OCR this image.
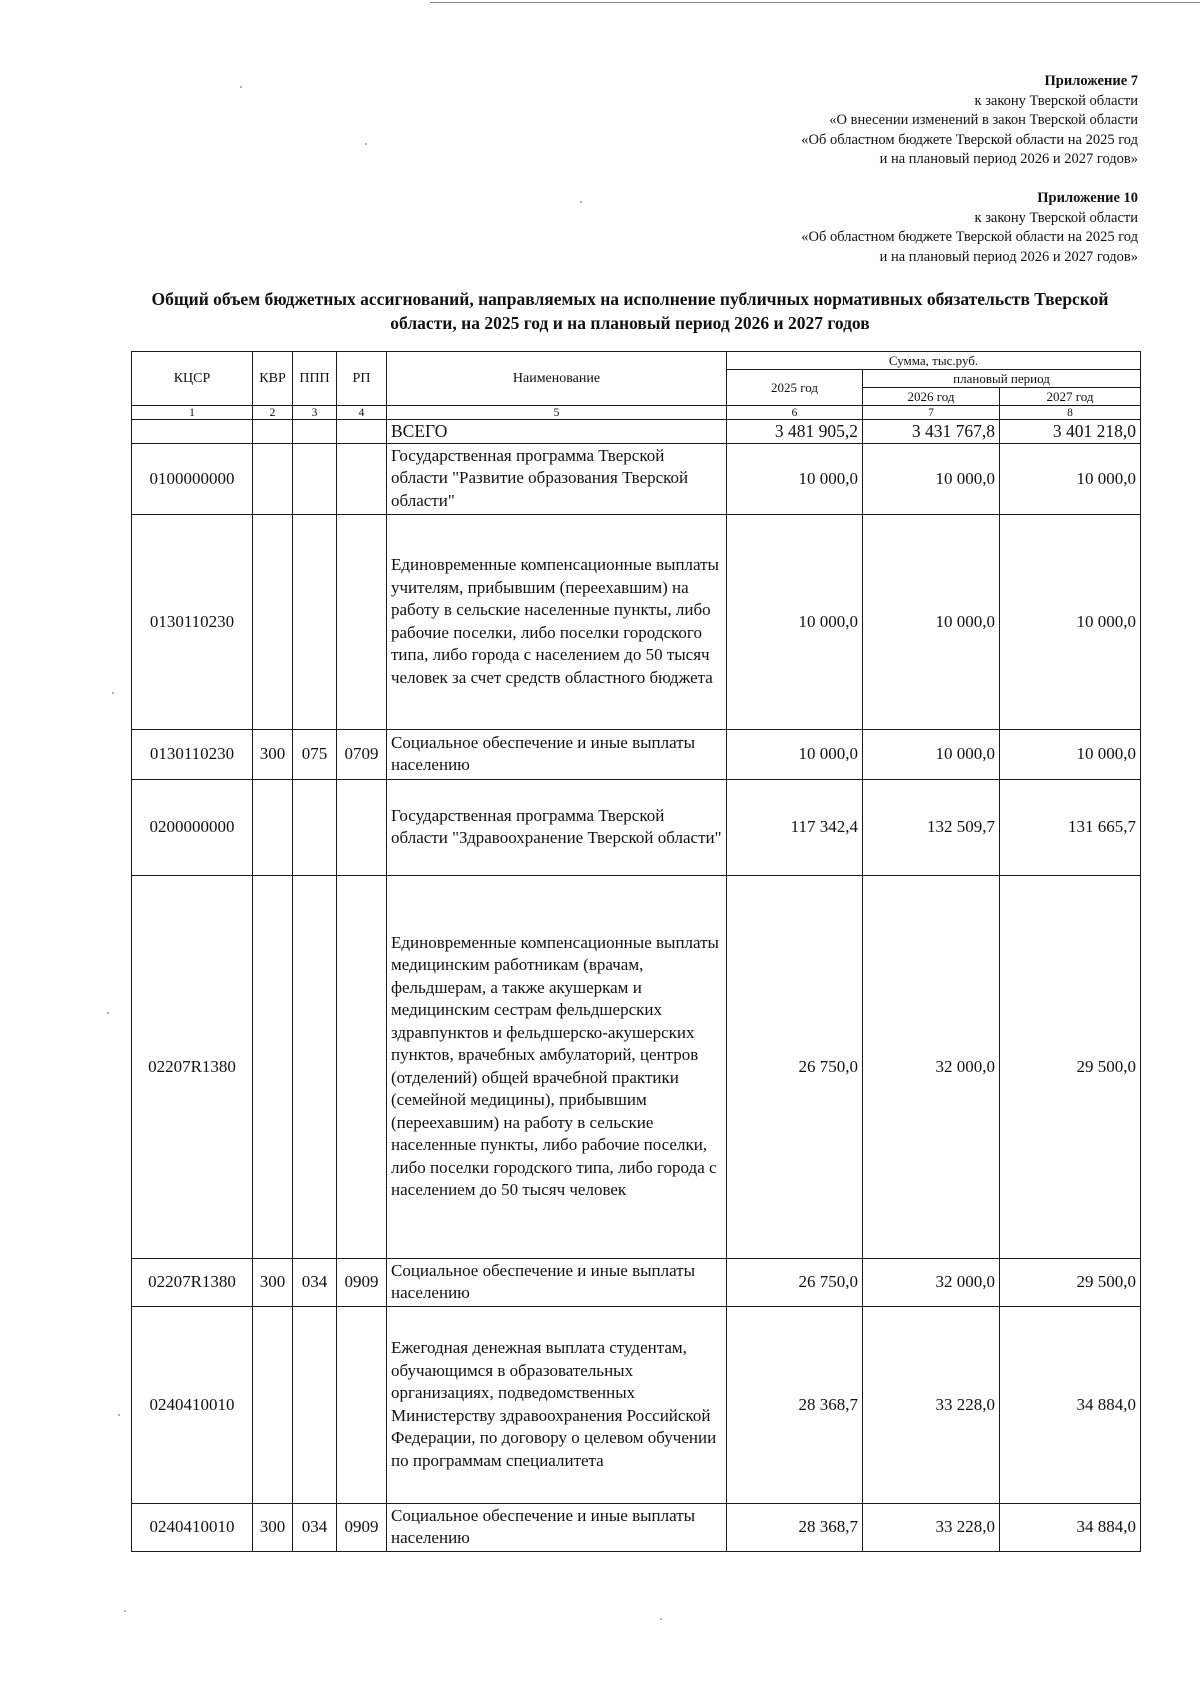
Приложение 7
к закону Тверской области
«О внесении изменений в закон Тверской области
«Об областном бюджете Тверской области на 2025 год
и на плановый период 2026 и 2027 годов»
Приложение 10
к закону Тверской области
«Об областном бюджете Тверской области на 2025 год
и на плановый период 2026 и 2027 годов»
Общий объем бюджетных ассигнований, направляемых на исполнение публичных нормативных обязательств Тверской
области, на 2025 год и на плановый период 2026 и 2027 годов
КЦСР	КВР	ППП	РП	Наименование	Сумма, тыс.руб.		
					2025 год	плановый период	
						2026 год	2027 год
1	2	3	4	5	6	7	8
				ВСЕГО	3 481 905,2	3 431 767,8	3 401 218,0
0100000000				Государственная программа Тверской области "Развитие образования Тверской области"	10 000,0	10 000,0	10 000,0
0130110230				Единовременные компенсационные выплаты учителям, прибывшим (переехавшим) на работу в сельские населенные пункты, либо рабочие поселки, либо поселки городского типа, либо города с населением до 50 тысяч человек за счет средств областного бюджета	10 000,0	10 000,0	10 000,0
0130110230	300	075	0709	Социальное обеспечение и иные выплаты населению	10 000,0	10 000,0	10 000,0
0200000000				Государственная программа Тверской области "Здравоохранение Тверской области"	117 342,4	132 509,7	131 665,7
02207R1380				Единовременные компенсационные выплаты медицинским работникам (врачам, фельдшерам, а также акушеркам и медицинским сестрам фельдшерских здравпунктов и фельдшерско-акушерских пунктов, врачебных амбулаторий, центров (отделений) общей врачебной практики (семейной медицины), прибывшим (переехавшим) на работу в сельские населенные пункты, либо рабочие поселки, либо поселки городского типа, либо города с населением до 50 тысяч человек	26 750,0	32 000,0	29 500,0
02207R1380	300	034	0909	Социальное обеспечение и иные выплаты населению	26 750,0	32 000,0	29 500,0
0240410010				Ежегодная денежная выплата студентам, обучающимся в образовательных организациях, подведомственных Министерству здравоохранения Российской Федерации, по договору о целевом обучении по программам специалитета	28 368,7	33 228,0	34 884,0
0240410010	300	034	0909	Социальное обеспечение и иные выплаты населению	28 368,7	33 228,0	34 884,0
